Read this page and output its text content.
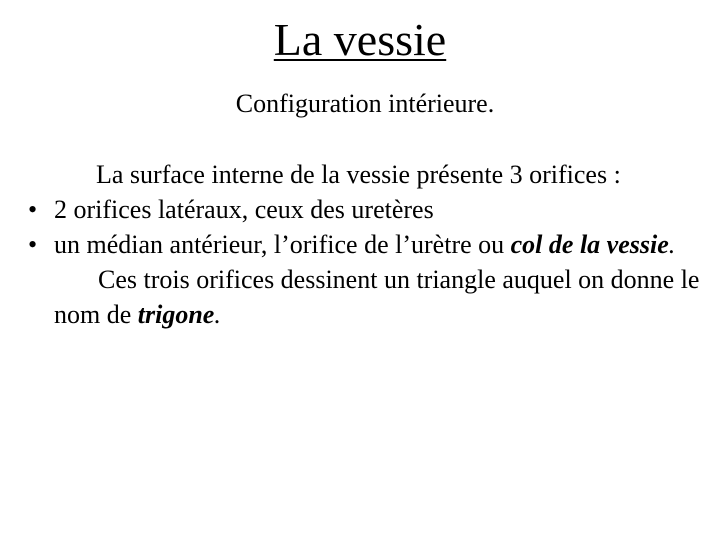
La vessie
Configuration intérieure.

La surface interne de la vessie présente 3 orifices :

• 2 orifices latéraux, ceux des uretères
• un médian antérieur, l’orifice de l’urètre ou col de la vessie.

Ces trois orifices dessinent un triangle auquel on donne le nom de trigone.
